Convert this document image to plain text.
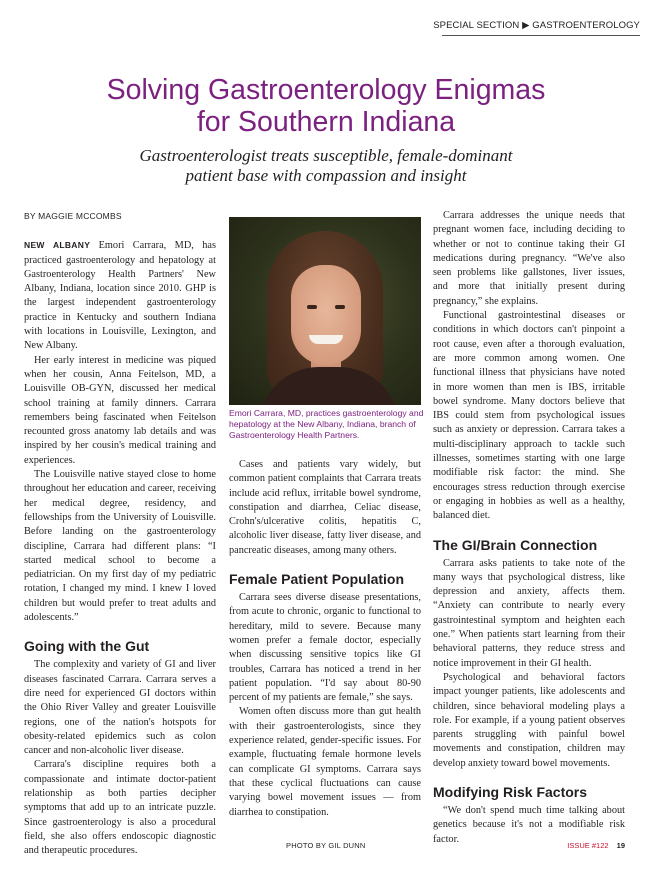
SPECIAL SECTION ▶ GASTROENTEROLOGY
Solving Gastroenterology Enigmas
for Southern Indiana

Gastroenterologist treats susceptible, female-dominant
patient base with compassion and insight

BY MAGGIE MCCOMBS

NEW ALBANY Emori Carrara, MD, has practiced gastroenterology and hepatology at Gastroenterology Health Partners' New Albany, Indiana, location since 2010. GHP is the largest independent gastroenterology practice in Kentucky and southern Indiana with locations in Louisville, Lexington, and New Albany.

Her early interest in medicine was piqued when her cousin, Anna Feitelson, MD, a Louisville OB-GYN, discussed her medical school training at family dinners. Carrara remembers being fascinated when Feitelson recounted gross anatomy lab details and was inspired by her cousin's medical training and experiences.

The Louisville native stayed close to home throughout her education and career, receiving her medical degree, residency, and fellowships from the University of Louisville. Before landing on the gastroenterology discipline, Carrara had different plans: “I started medical school to become a pediatrician. On my first day of my pediatric rotation, I changed my mind. I knew I loved children but would prefer to treat adults and adolescents.”

Going with the Gut

The complexity and variety of GI and liver diseases fascinated Carrara. Carrara serves a dire need for experienced GI doctors within the Ohio River Valley and greater Louisville regions, one of the nation's hotspots for obesity-related epidemics such as colon cancer and non-alcoholic liver disease.

Carrara's discipline requires both a compassionate and intimate doctor-patient relationship as both parties decipher symptoms that add up to an intricate puzzle. Since gastroenterology is also a procedural field, she also offers endoscopic diagnostic and therapeutic procedures.

Emori Carrara, MD, practices gastroenterology and hepatology at the New Albany, Indiana, branch of Gastroenterology Health Partners.

Cases and patients vary widely, but common patient complaints that Carrara treats include acid reflux, irritable bowel syndrome, constipation and diarrhea, Celiac disease, Crohn's/ulcerative colitis, hepatitis C, alcoholic liver disease, fatty liver disease, and pancreatic diseases, among many others.

Female Patient Population

Carrara sees diverse disease presentations, from acute to chronic, organic to functional to hereditary, mild to severe. Because many women prefer a female doctor, especially when discussing sensitive topics like GI troubles, Carrara has noticed a trend in her patient population. “I'd say about 80-90 percent of my patients are female,” she says.

Women often discuss more than gut health with their gastroenterologists, since they experience related, gender-specific issues. For example, fluctuating female hormone levels can complicate GI symptoms. Carrara says that these cyclical fluctuations can cause varying bowel movement issues — from diarrhea to constipation.

Carrara addresses the unique needs that pregnant women face, including deciding to whether or not to continue taking their GI medications during pregnancy. “We've also seen problems like gallstones, liver issues, and more that initially present during pregnancy,” she explains.

Functional gastrointestinal diseases or conditions in which doctors can't pinpoint a root cause, even after a thorough evaluation, are more common among women. One functional illness that physicians have noted in more women than men is IBS, irritable bowel syndrome. Many doctors believe that IBS could stem from psychological issues such as anxiety or depression. Carrara takes a multi-disciplinary approach to tackle such illnesses, sometimes starting with one large modifiable risk factor: the mind. She encourages stress reduction through exercise or engaging in hobbies as well as a healthy, balanced diet.

The GI/Brain Connection

Carrara asks patients to take note of the many ways that psychological distress, like depression and anxiety, affects them. “Anxiety can contribute to nearly every gastrointestinal symptom and heighten each one.” When patients start learning from their behavioral patterns, they reduce stress and notice improvement in their GI health.

Psychological and behavioral factors impact younger patients, like adolescents and children, since behavioral modeling plays a role. For example, if a young patient observes parents struggling with painful bowel movements and constipation, children may develop anxiety toward bowel movements.

Modifying Risk Factors

“We don't spend much time talking about genetics because it's not a modifiable risk factor.

PHOTO BY GIL DUNN	ISSUE #122 19
